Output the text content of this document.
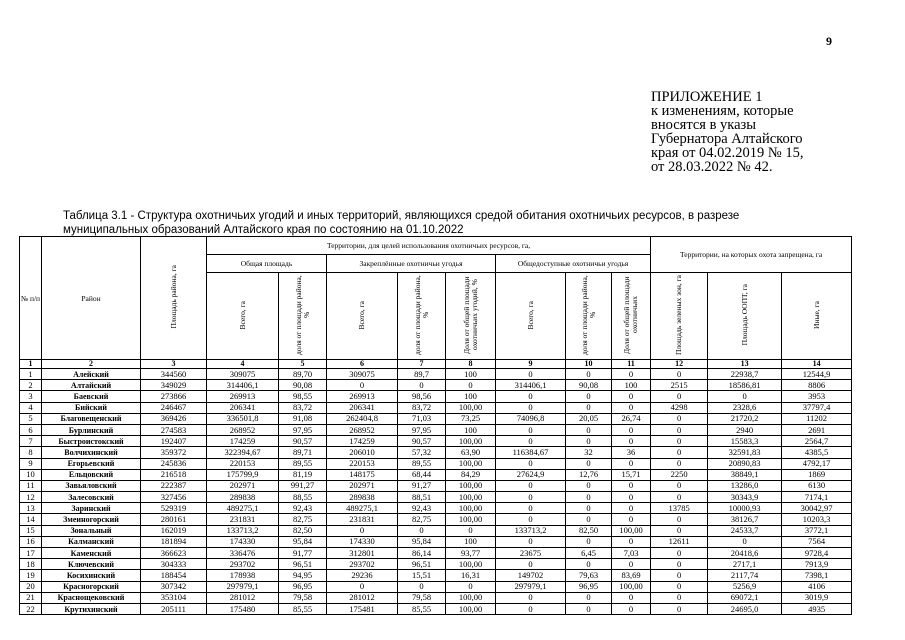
9
ПРИЛОЖЕНИЕ 1
к изменениям, которые
вносятся в указы
Губернатора Алтайского
края от 04.02.2019 № 15,
от 28.03.2022 № 42.
Таблица 3.1 - Структура охотничьих угодий и иных территорий, являющихся средой обитания охотничьих ресурсов, в разрезе
муниципальных образований Алтайского края по состоянию на 01.10.2022
№ п/п	Район	Площадь района, га	Территории, для целей использования охотничьих ресурсов, га,								Территории, на которых охота запрещена, га		
			Общая площадь		Закреплённые охотничьи угодья			Общедоступные охотничьи угодья					
			Всего, га	доля от площади района, %	Всего, га	доля от площади района, %	Доля от общей площади охотничьих угодий, %	Всего, га	доля от площади района, %	Доля от общей площади охотничьих	Площадь зеленых зон, га	Площадь ООПТ, га	Иные, га
1	2	3	4	5	6	7	8	9	10	11	12	13	14
1	Алейский	344560	309075	89,70	309075	89,7	100	0	0	0	0	22938,7	12544,9
2	Алтайский	349029	314406,1	90,08	0	0	0	314406,1	90,08	100	2515	18586,81	8806
3	Баевский	273866	269913	98,55	269913	98,56	100	0	0	0	0	0	3953
4	Бийский	246467	206341	83,72	206341	83,72	100,00	0	0	0	4298	2328,6	37797,4
5	Благовещенский	369426	336501,8	91,08	262404,8	71,03	73,25	74096,8	20,05	26,74	0	21720,2	11202
6	Бурлинский	274583	268952	97,95	268952	97,95	100	0	0	0	0	2940	2691
7	Быстроистокский	192407	174259	90,57	174259	90,57	100,00	0	0	0	0	15583,3	2564,7
8	Волчихинский	359372	322394,67	89,71	206010	57,32	63,90	116384,67	32	36	0	32591,83	4385,5
9	Егорьевский	245836	220153	89,55	220153	89,55	100,00	0	0	0	0	20890,83	4792,17
10	Ельцовский	216518	175799,9	81,19	148175	68,44	84,29	27624,9	12,76	15,71	2250	38849,1	1869
11	Завьяловский	222387	202971	991,27	202971	91,27	100,00	0	0	0	0	13286,0	6130
12	Залесовский	327456	289838	88,55	289838	88,51	100,00	0	0	0	0	30343,9	7174,1
13	Заринский	529319	489275,1	92,43	489275,1	92,43	100,00	0	0	0	13785	10000,93	30042,97
14	Змеиногорский	280161	231831	82,75	231831	82,75	100,00	0	0	0	0	38126,7	10203,3
15	Зональный	162019	133713,2	82,50	0	0	0	133713,2	82,50	100,00	0	24533,7	3772,1
16	Калманский	181894	174330	95,84	174330	95,84	100	0	0	0	12611	0	7564
17	Каменский	366623	336476	91,77	312801	86,14	93,77	23675	6,45	7,03	0	20418,6	9728,4
18	Ключевский	304333	293702	96,51	293702	96,51	100,00	0	0	0	0	2717,1	7913,9
19	Косихинский	188454	178938	94,95	29236	15,51	16,31	149702	79,63	83,69	0	2117,74	7398,1
20	Красногорский	307342	297979,1	96,95	0	0	0	297979,1	96,95	100,00	0	5256,9	4106
21	Краснощековский	353104	281012	79,58	281012	79,58	100,00	0	0	0	0	69072,1	3019,9
22	Крутихинский	205111	175480	85,55	175481	85,55	100,00	0	0	0	0	24695,0	4935
